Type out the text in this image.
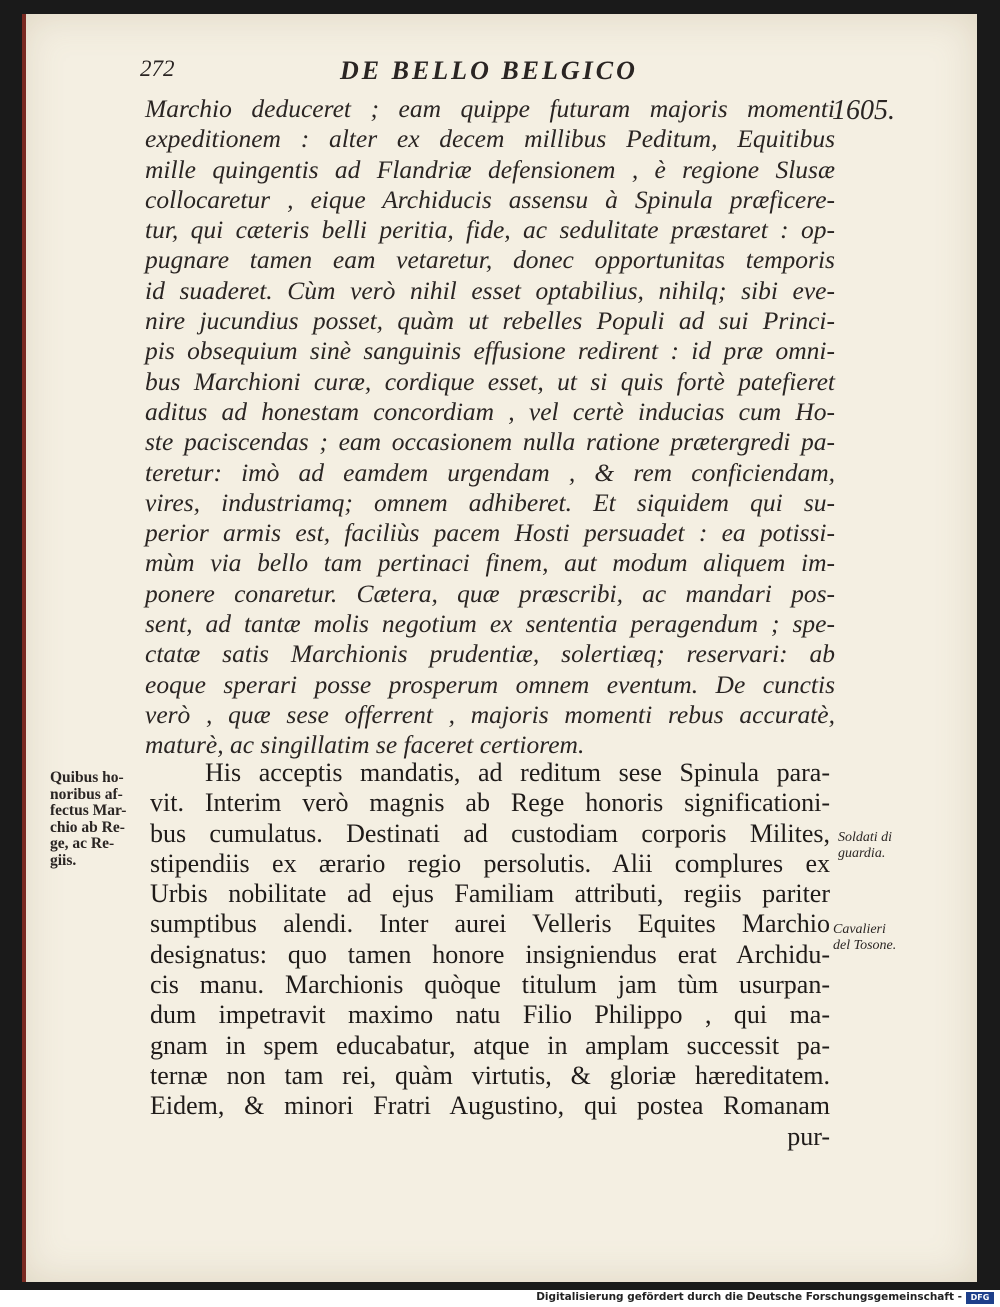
272	DE BELLO BELGICO
1605.
Marchio deduceret ; eam quippe futuram majoris momenti
expeditionem : alter ex decem millibus Peditum, Equitibus
mille quingentis ad Flandriæ defensionem , è regione Slusæ
collocaretur , eique Archiducis assensu à Spinula præficere-
tur, qui cæteris belli peritia, fide, ac sedulitate præstaret : op-
pugnare tamen eam vetaretur, donec opportunitas temporis
id suaderet. Cùm verò nihil esset optabilius, nihilq; sibi eve-
nire jucundius posset, quàm ut rebelles Populi ad sui Princi-
pis obsequium sinè sanguinis effusione redirent : id præ omni-
bus Marchioni curæ, cordique esset, ut si quis fortè patefieret
aditus ad honestam concordiam , vel certè inducias cum Ho-
ste paciscendas ; eam occasionem nulla ratione prætergredi pa-
teretur: imò ad eamdem urgendam , & rem conficiendam,
vires, industriamq; omnem adhiberet. Et siquidem qui su-
perior armis est, faciliùs pacem Hosti persuadet : ea potissi-
mùm via bello tam pertinaci finem, aut modum aliquem im-
ponere conaretur. Cætera, quæ præscribi, ac mandari pos-
sent, ad tantæ molis negotium ex sententia peragendum ; spe-
ctatæ satis Marchionis prudentiæ, solertiæq; reservari: ab
eoque sperari posse prosperum omnem eventum. De cunctis
verò , quæ sese offerrent , majoris momenti rebus accuratè,
maturè, ac singillatim se faceret certiorem.
Quibus ho-
noribus af-
fectus Mar-
chio ab Re-
ge, ac Re-
giis.
His acceptis mandatis, ad reditum sese Spinula para-
vit. Interim verò magnis ab Rege honoris significationi-
bus cumulatus. Destinati ad custodiam corporis Milites,
stipendiis ex ærario regio persolutis. Alii complures ex
Urbis nobilitate ad ejus Familiam attributi, regiis pariter
sumptibus alendi. Inter aurei Velleris Equites Marchio
designatus: quo tamen honore insigniendus erat Archidu-
cis manu. Marchionis quòque titulum jam tùm usurpan-
dum impetravit maximo natu Filio Philippo , qui ma-
gnam in spem educabatur, atque in amplam successit pa-
ternæ non tam rei, quàm virtutis, & gloriæ hæreditatem.
Eidem, & minori Fratri Augustino, qui postea Romanam
pur-
Soldati di
guardia.
Cavalieri
del Tosone.
Digitalisierung gefördert durch die Deutsche Forschungsgemeinschaft -	DFG
